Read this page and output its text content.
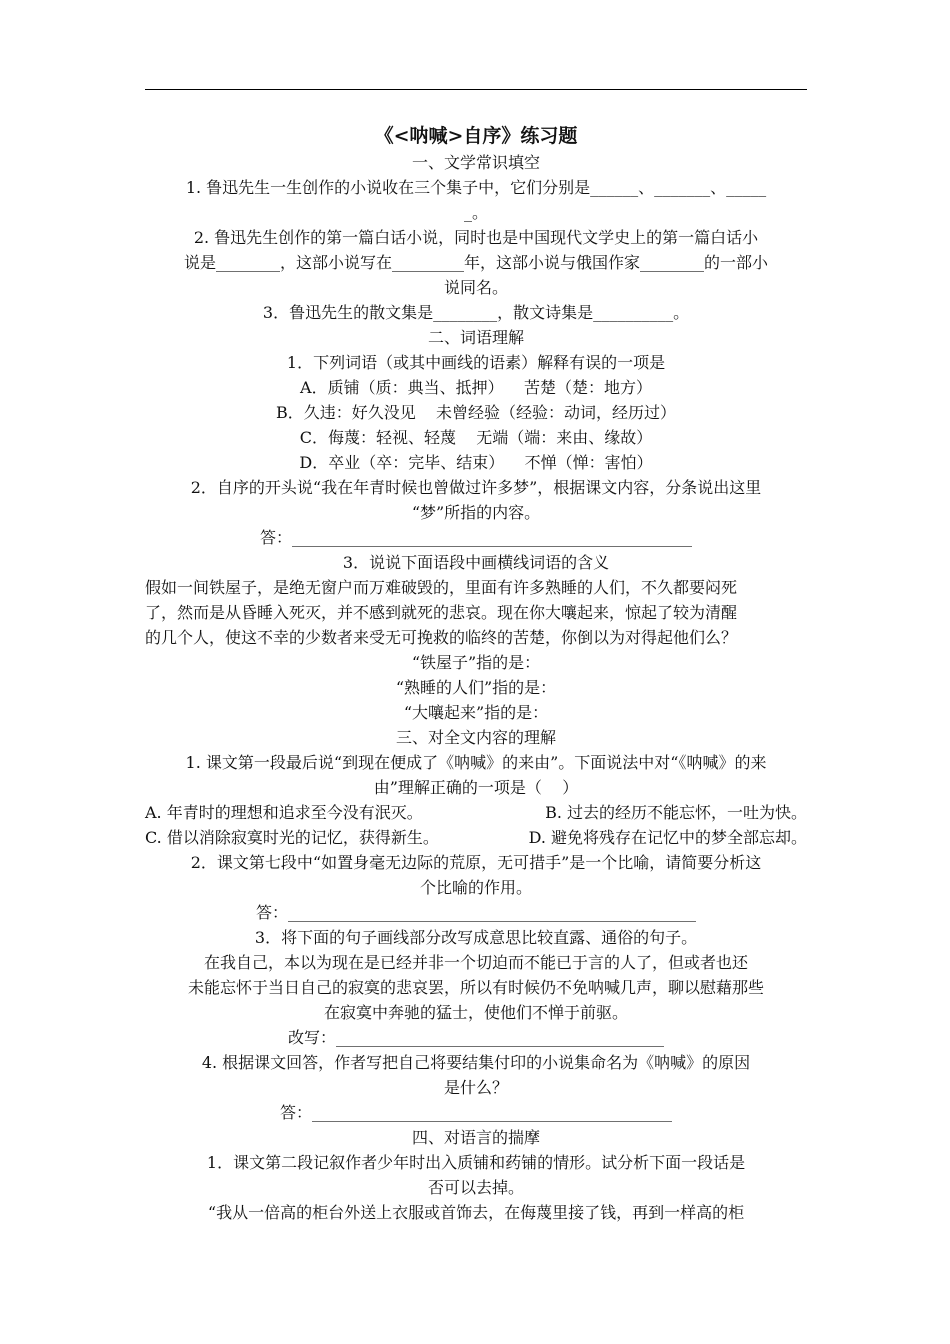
《<呐喊>自序》练习题

一、文学常识填空

1. 鲁迅先生一生创作的小说收在三个集子中，它们分别是______、_______、_____

_。

2. 鲁迅先生创作的第一篇白话小说，同时也是中国现代文学史上的第一篇白话小

说是________，这部小说写在_________年，这部小说与俄国作家________的一部小

说同名。

3．鲁迅先生的散文集是________，散文诗集是__________。

二、词语理解

1．下列词语（或其中画线的语素）解释有误的一项是

A．质铺（质：典当、抵押）    苦楚（楚：地方）

B．久违：好久没见    未曾经验（经验：动词，经历过）

C．侮蔑：轻视、轻蔑    无端（端：来由、缘故）

D．卒业（卒：完毕、结束）    不惮（惮：害怕）

2．自序的开头说“我在年青时候也曾做过许多梦”，根据课文内容，分条说出这里

“梦”所指的内容。

答：__________________________________________________

3．说说下面语段中画横线词语的含义

假如一间铁屋子，是绝无窗户而万难破毁的，里面有许多熟睡的人们，不久都要闷死

了，然而是从昏睡入死灭，并不感到就死的悲哀。现在你大嚷起来，惊起了较为清醒

的几个人，使这不幸的少数者来受无可挽救的临终的苦楚，你倒以为对得起他们么？

“铁屋子”指的是：

“熟睡的人们”指的是：

“大嚷起来”指的是：

三、对全文内容的理解

1. 课文第一段最后说“到现在便成了《呐喊》的来由”。下面说法中对“《呐喊》的来

由”理解正确的一项是（    ）

A. 年青时的理想和追求至今没有泯灭。	B. 过去的经历不能忘怀，一吐为快。
C. 借以消除寂寞时光的记忆，获得新生。	D. 避免将残存在记忆中的梦全部忘却。

2．课文第七段中“如置身毫无边际的荒原，无可措手”是一个比喻，请简要分析这

个比喻的作用。

答：___________________________________________________

3．将下面的句子画线部分改写成意思比较直露、通俗的句子。

在我自己，本以为现在是已经并非一个切迫而不能已于言的人了，但或者也还

未能忘怀于当日自己的寂寞的悲哀罢，所以有时候仍不免呐喊几声，聊以慰藉那些

在寂寞中奔驰的猛士，使他们不惮于前驱。

改写：_________________________________________

4. 根据课文回答，作者写把自己将要结集付印的小说集命名为《呐喊》的原因

是什么？

答：_____________________________________________

四、对语言的揣摩

1．课文第二段记叙作者少年时出入质铺和药铺的情形。试分析下面一段话是

否可以去掉。

“我从一倍高的柜台外送上衣服或首饰去，在侮蔑里接了钱，再到一样高的柜
